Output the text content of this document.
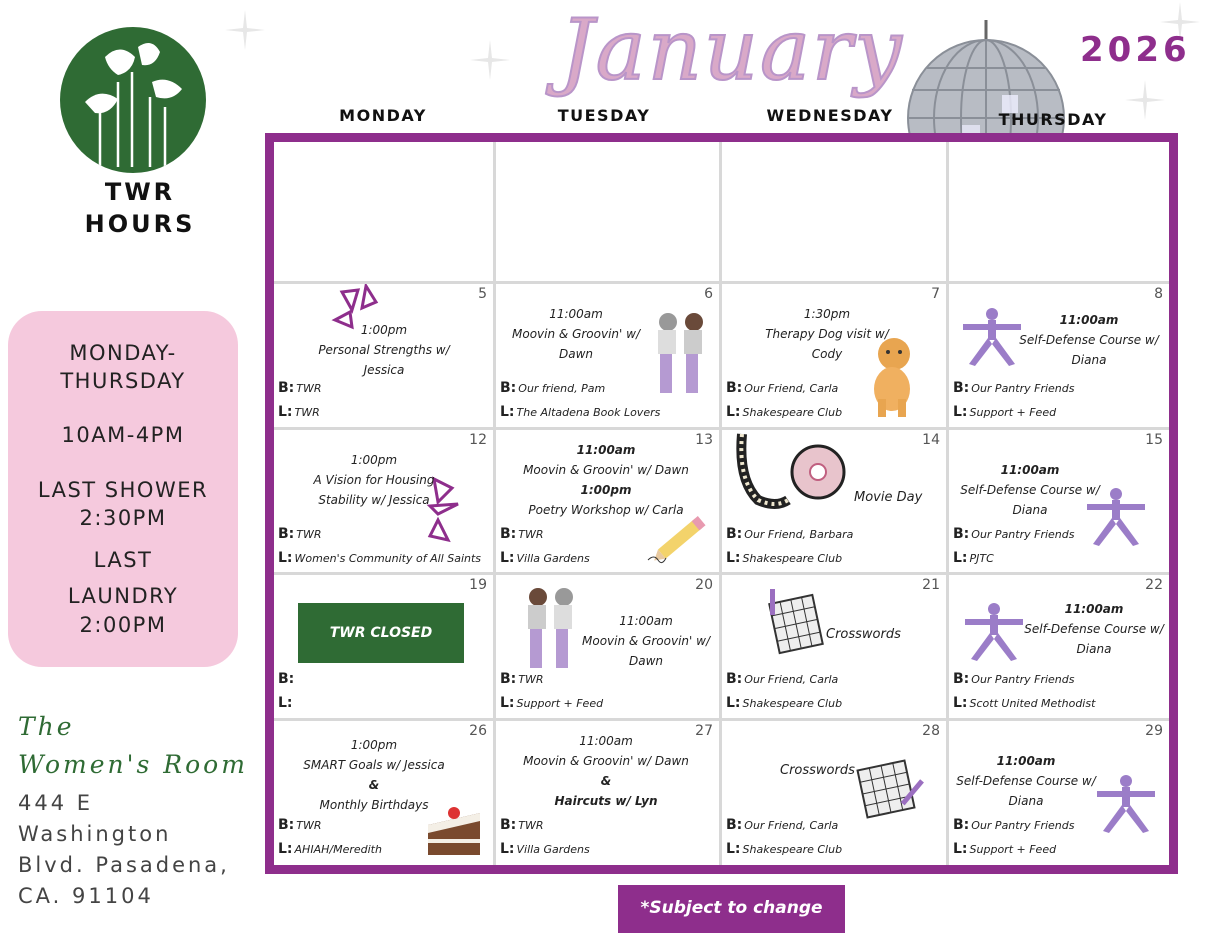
TWR
HOURS
MONDAY-
THURSDAY
10AM-4PM
LAST SHOWER
2:30PM
LAST
LAUNDRY
2:00PM
The
Women's Room
444 E
Washington
Blvd. Pasadena,
CA. 91104
January	2026
MONDAY	TUESDAY	WEDNESDAY	THURSDAY
5
1:00pm
Personal Strengths w/
Jessica
B: TWR
L: TWR
6
11:00am
Moovin & Groovin' w/
Dawn
B: Our friend, Pam
L: The Altadena Book Lovers
7
1:30pm
Therapy Dog visit w/
Cody
B: Our Friend, Carla
L: Shakespeare Club
8
11:00am
Self-Defense Course w/
Diana
B: Our Pantry Friends
L: Support + Feed
12
1:00pm
A Vision for Housing
Stability w/ Jessica
B: TWR
L: Women's Community of All Saints
13
11:00am
Moovin & Groovin' w/ Dawn
1:00pm
Poetry Workshop w/ Carla
B: TWR
L: Villa Gardens
14
Movie Day
B: Our Friend, Barbara
L: Shakespeare Club
15
11:00am
Self-Defense Course w/
Diana
B: Our Pantry Friends
L: PJTC
19
TWR CLOSED
B:
L:
20
11:00am
Moovin & Groovin' w/
Dawn
B: TWR
L: Support + Feed
21
Crosswords
B: Our Friend, Carla
L: Shakespeare Club
22
11:00am
Self-Defense Course w/
Diana
B: Our Pantry Friends
L: Scott United Methodist
26
1:00pm
SMART Goals w/ Jessica
&
Monthly Birthdays
B: TWR
L: AHIAH/Meredith
27
11:00am
Moovin & Groovin' w/ Dawn
&
Haircuts w/ Lyn
B: TWR
L: Villa Gardens
28
Crosswords
B: Our Friend, Carla
L: Shakespeare Club
29
11:00am
Self-Defense Course w/
Diana
B: Our Pantry Friends
L: Support + Feed
*Subject to change
